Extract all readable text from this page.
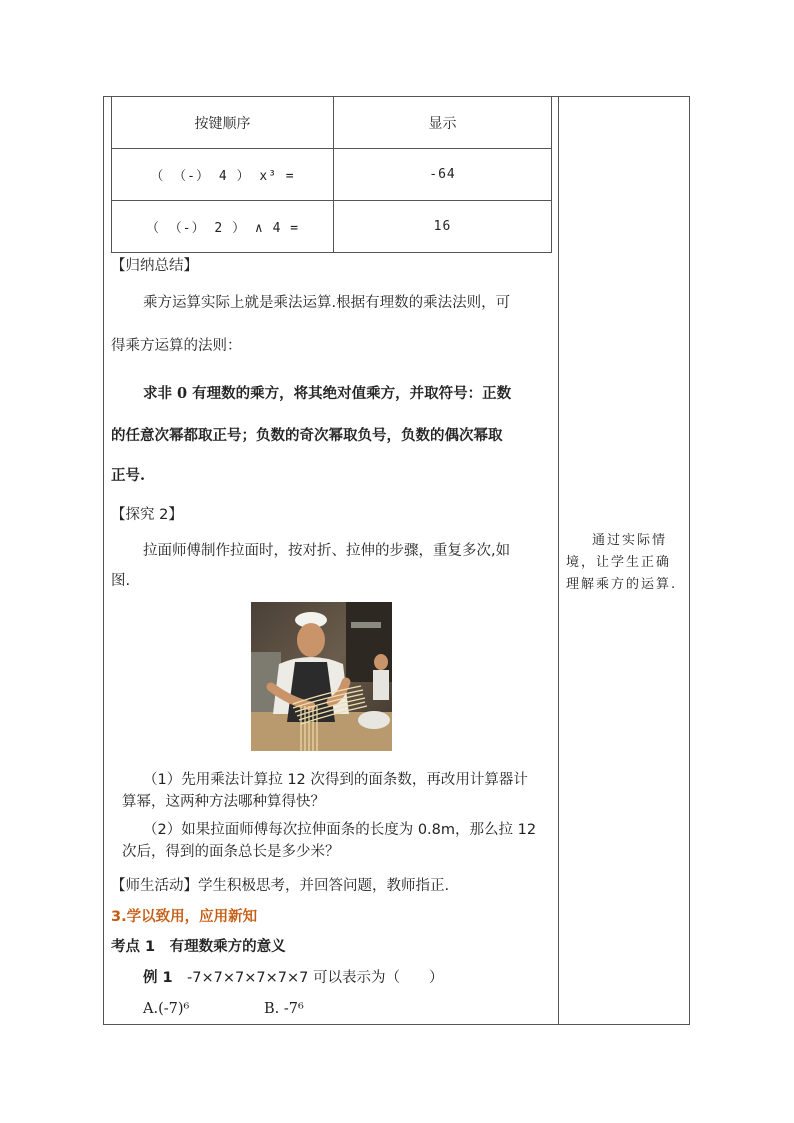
按键顺序	显示
（ （-） 4 ） x³ =	-64
（ （-） 2 ） ∧ 4 =	16
【归纳总结】
乘方运算实际上就是乘法运算.根据有理数的乘法法则，可
得乘方运算的法则：
求非 0 有理数的乘方，将其绝对值乘方，并取符号：正数
的任意次幂都取正号；负数的奇次幂取负号，负数的偶次幂取
正号.
【探究 2】
拉面师傅制作拉面时，按对折、拉伸的步骤，重复多次,如
图.
（1）先用乘法计算拉 12 次得到的面条数，再改用计算器计
算幂，这两种方法哪种算得快？
（2）如果拉面师傅每次拉伸面条的长度为 0.8m，那么拉 12
次后，得到的面条总长是多少米？
【师生活动】学生积极思考，并回答问题，教师指正.
3.学以致用，应用新知
考点 1　有理数乘方的意义
例 1 -7×7×7×7×7×7 可以表示为（　　）
A.(-7)⁶	B. -7⁶
通过实际情境，让学生正确理解乘方的运算.
